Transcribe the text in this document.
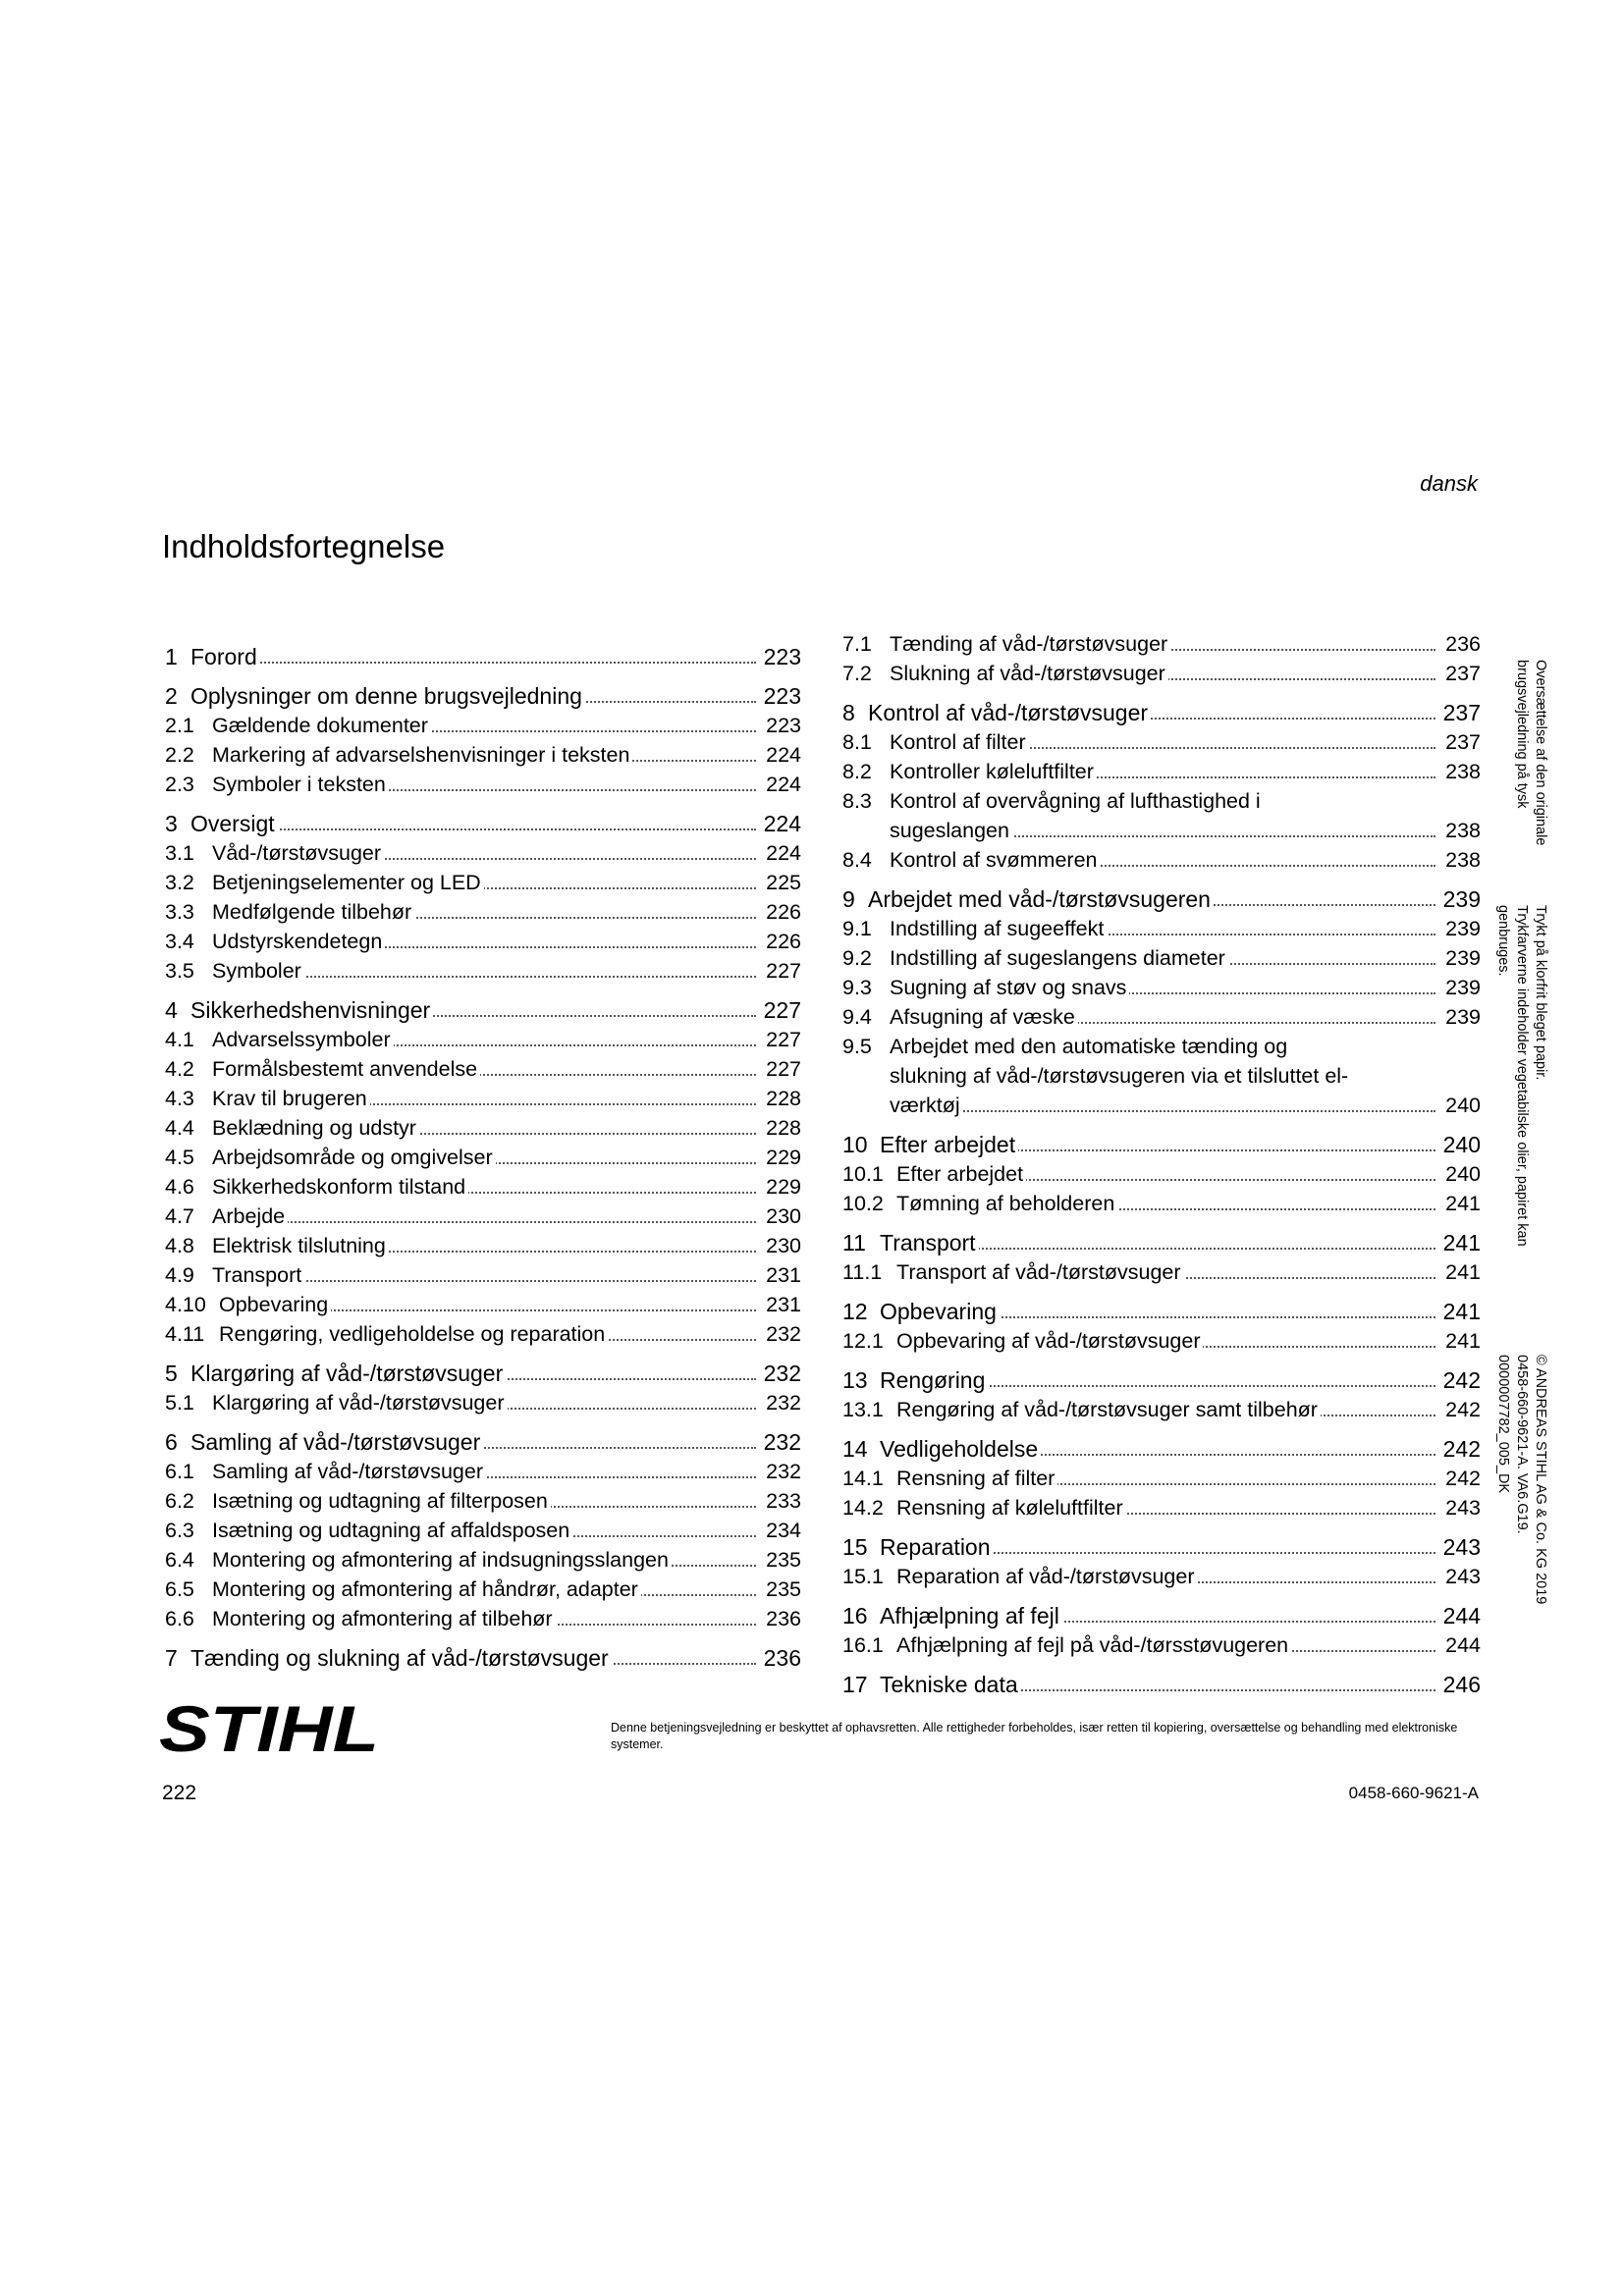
dansk
Indholdsfortegnelse
1 Forord	223
2 Oplysninger om denne brugsvejledning	223
2.1 Gældende dokumenter	223
2.2 Markering af advarselshenvisninger i teksten	224
2.3 Symboler i teksten	224
3 Oversigt	224
3.1 Våd-/tørstøvsuger	224
3.2 Betjeningselementer og LED	225
3.3 Medfølgende tilbehør	226
3.4 Udstyrskendetegn	226
3.5 Symboler	227
4 Sikkerhedshenvisninger	227
4.1 Advarselssymboler	227
4.2 Formålsbestemt anvendelse	227
4.3 Krav til brugeren	228
4.4 Beklædning og udstyr	228
4.5 Arbejdsområde og omgivelser	229
4.6 Sikkerhedskonform tilstand	229
4.7 Arbejde	230
4.8 Elektrisk tilslutning	230
4.9 Transport	231
4.10 Opbevaring	231
4.11 Rengøring, vedligeholdelse og reparation	232
5 Klargøring af våd-/tørstøvsuger	232
5.1 Klargøring af våd-/tørstøvsuger	232
6 Samling af våd-/tørstøvsuger	232
6.1 Samling af våd-/tørstøvsuger	232
6.2 Isætning og udtagning af filterposen	233
6.3 Isætning og udtagning af affaldsposen	234
6.4 Montering og afmontering af indsugningsslangen	235
6.5 Montering og afmontering af håndrør, adapter	235
6.6 Montering og afmontering af tilbehør	236
7 Tænding og slukning af våd-/tørstøvsuger	236
7.1 Tænding af våd-/tørstøvsuger	236
7.2 Slukning af våd-/tørstøvsuger	237
8 Kontrol af våd-/tørstøvsuger	237
8.1 Kontrol af filter	237
8.2 Kontroller køleluftfilter	238
8.3 Kontrol af overvågning af lufthastighed i
sugeslangen	238
8.4 Kontrol af svømmeren	238
9 Arbejdet med våd-/tørstøvsugeren	239
9.1 Indstilling af sugeeffekt	239
9.2 Indstilling af sugeslangens diameter	239
9.3 Sugning af støv og snavs	239
9.4 Afsugning af væske	239
9.5 Arbejdet med den automatiske tænding og
slukning af våd-/tørstøvsugeren via et tilsluttet el-
værktøj	240
10 Efter arbejdet	240
10.1 Efter arbejdet	240
10.2 Tømning af beholderen	241
11 Transport	241
11.1 Transport af våd-/tørstøvsuger	241
12 Opbevaring	241
12.1 Opbevaring af våd-/tørstøvsuger	241
13 Rengøring	242
13.1 Rengøring af våd-/tørstøvsuger samt tilbehør	242
14 Vedligeholdelse	242
14.1 Rensning af filter	242
14.2 Rensning af køleluftfilter	243
15 Reparation	243
15.1 Reparation af våd-/tørstøvsuger	243
16 Afhjælpning af fejl	244
16.1 Afhjælpning af fejl på våd-/tørsstøvugeren	244
17 Tekniske data	246
Oversættelse af den originale
brugsvejledning på tysk
Trykt på klorfrit bleget papir.
Trykfarverne indeholder vegetabilske olier, papiret kan
genbruges.
© ANDREAS STIHL AG & Co. KG 2019
0458-660-9621-A. VA6.G19.
0000007782_005_DK
STIHL	Denne betjeningsvejledning er beskyttet af ophavsretten. Alle rettigheder forbeholdes, især retten til kopiering, oversættelse og behandling med elektroniske systemer.
222	0458-660-9621-A
